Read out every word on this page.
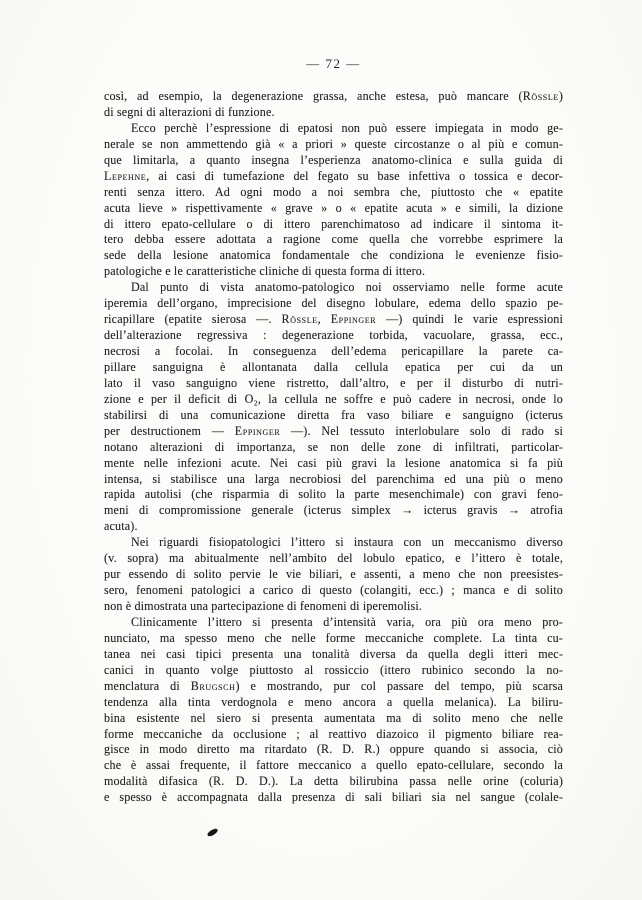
— 72 —
così, ad esempio, la degenerazione grassa, anche estesa, può mancare (Rössle)
di segni di alterazioni di funzione.
Ecco perchè l’espressione di epatosi non può essere impiegata in modo ge-
nerale se non ammettendo già « a priori » queste circostanze o al più e comun-
que limitarla, a quanto insegna l’esperienza anatomo-clinica e sulla guida di
Lepehne, ai casi di tumefazione del fegato su base infettiva o tossica e decor-
renti senza ittero. Ad ogni modo a noi sembra che, piuttosto che « epatite
acuta lieve » rispettivamente « grave » o « epatite acuta » e simili, la dizione
di ittero epato-cellulare o di ittero parenchimatoso ad indicare il sintoma it-
tero debba essere adottata a ragione come quella che vorrebbe esprimere la
sede della lesione anatomica fondamentale che condiziona le evenienze fisio-
patologiche e le caratteristiche cliniche di questa forma di ittero.
Dal punto di vista anatomo-patologico noi osserviamo nelle forme acute
iperemia dell’organo, imprecisione del disegno lobulare, edema dello spazio pe-
ricapillare (epatite sierosa —. Rössle, Eppinger —) quindi le varie espressioni
dell’alterazione regressiva : degenerazione torbida, vacuolare, grassa, ecc.,
necrosi a focolai. In conseguenza dell’edema pericapillare la parete ca-
pillare sanguigna è allontanata dalla cellula epatica per cui da un
lato il vaso sanguigno viene ristretto, dall’altro, e per il disturbo di nutri-
zione e per il deficit di O₂, la cellula ne soffre e può cadere in necrosi, onde lo
stabilirsi di una comunicazione diretta fra vaso biliare e sanguigno (icterus
per destructionem — Eppinger —). Nel tessuto interlobulare solo di rado si
notano alterazioni di importanza, se non delle zone di infiltrati, particolar-
mente nelle infezioni acute. Nei casi più gravi la lesione anatomica si fa più
intensa, si stabilisce una larga necrobiosi del parenchima ed una più o meno
rapida autolisi (che risparmia di solito la parte mesenchimale) con gravi feno-
meni di compromissione generale (icterus simplex → icterus gravis → atrofia
acuta).
Nei riguardi fisiopatologici l’ittero si instaura con un meccanismo diverso
(v. sopra) ma abitualmente nell’ambito del lobulo epatico, e l’ittero è totale,
pur essendo di solito pervie le vie biliari, e assenti, a meno che non preesistes-
sero, fenomeni patologici a carico di questo (colangiti, ecc.) ; manca e di solito
non è dimostrata una partecipazione di fenomeni di iperemolisi.
Clinicamente l’ittero si presenta d’intensità varia, ora più ora meno pro-
nunciato, ma spesso meno che nelle forme meccaniche complete. La tinta cu-
tanea nei casi tipici presenta una tonalità diversa da quella degli itteri mec-
canici in quanto volge piuttosto al rossiccio (ittero rubinico secondo la no-
menclatura di Brugsch) e mostrando, pur col passare del tempo, più scarsa
tendenza alla tinta verdognola e meno ancora a quella melanica). La biliru-
bina esistente nel siero si presenta aumentata ma di solito meno che nelle
forme meccaniche da occlusione ; al reattivo diazoico il pigmento biliare rea-
gisce in modo diretto ma ritardato (R. D. R.) oppure quando si associa, ciò
che è assai frequente, il fattore meccanico a quello epato-cellulare, secondo la
modalità difasica (R. D. D.). La detta bilirubina passa nelle orine (coluria)
e spesso è accompagnata dalla presenza di sali biliari sia nel sangue (colale-
